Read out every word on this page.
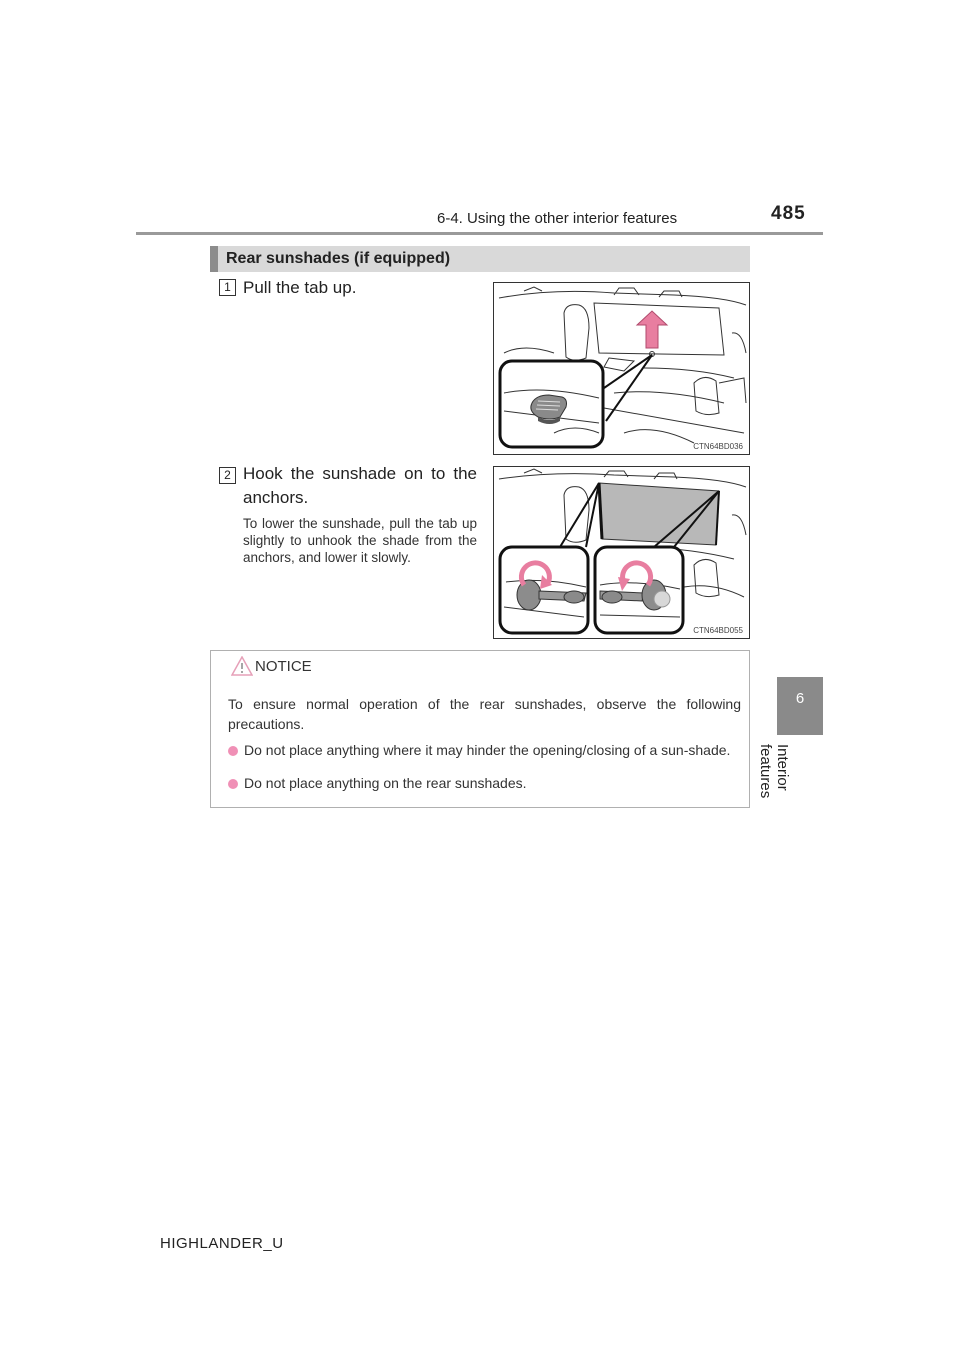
6-4. Using the other interior features	485
6
Interior features
Rear sunshades (if equipped)
1 Pull the tab up.
CTN64BD036
2 Hook the sunshade on to the anchors.
To lower the sunshade, pull the tab up slightly to unhook the shade from the anchors, and lower it slowly.
CTN64BD055
NOTICE
To ensure normal operation of the rear sunshades, observe the following precautions.
Do not place anything where it may hinder the opening/closing of a sun-shade.
Do not place anything on the rear sunshades.
HIGHLANDER_U
